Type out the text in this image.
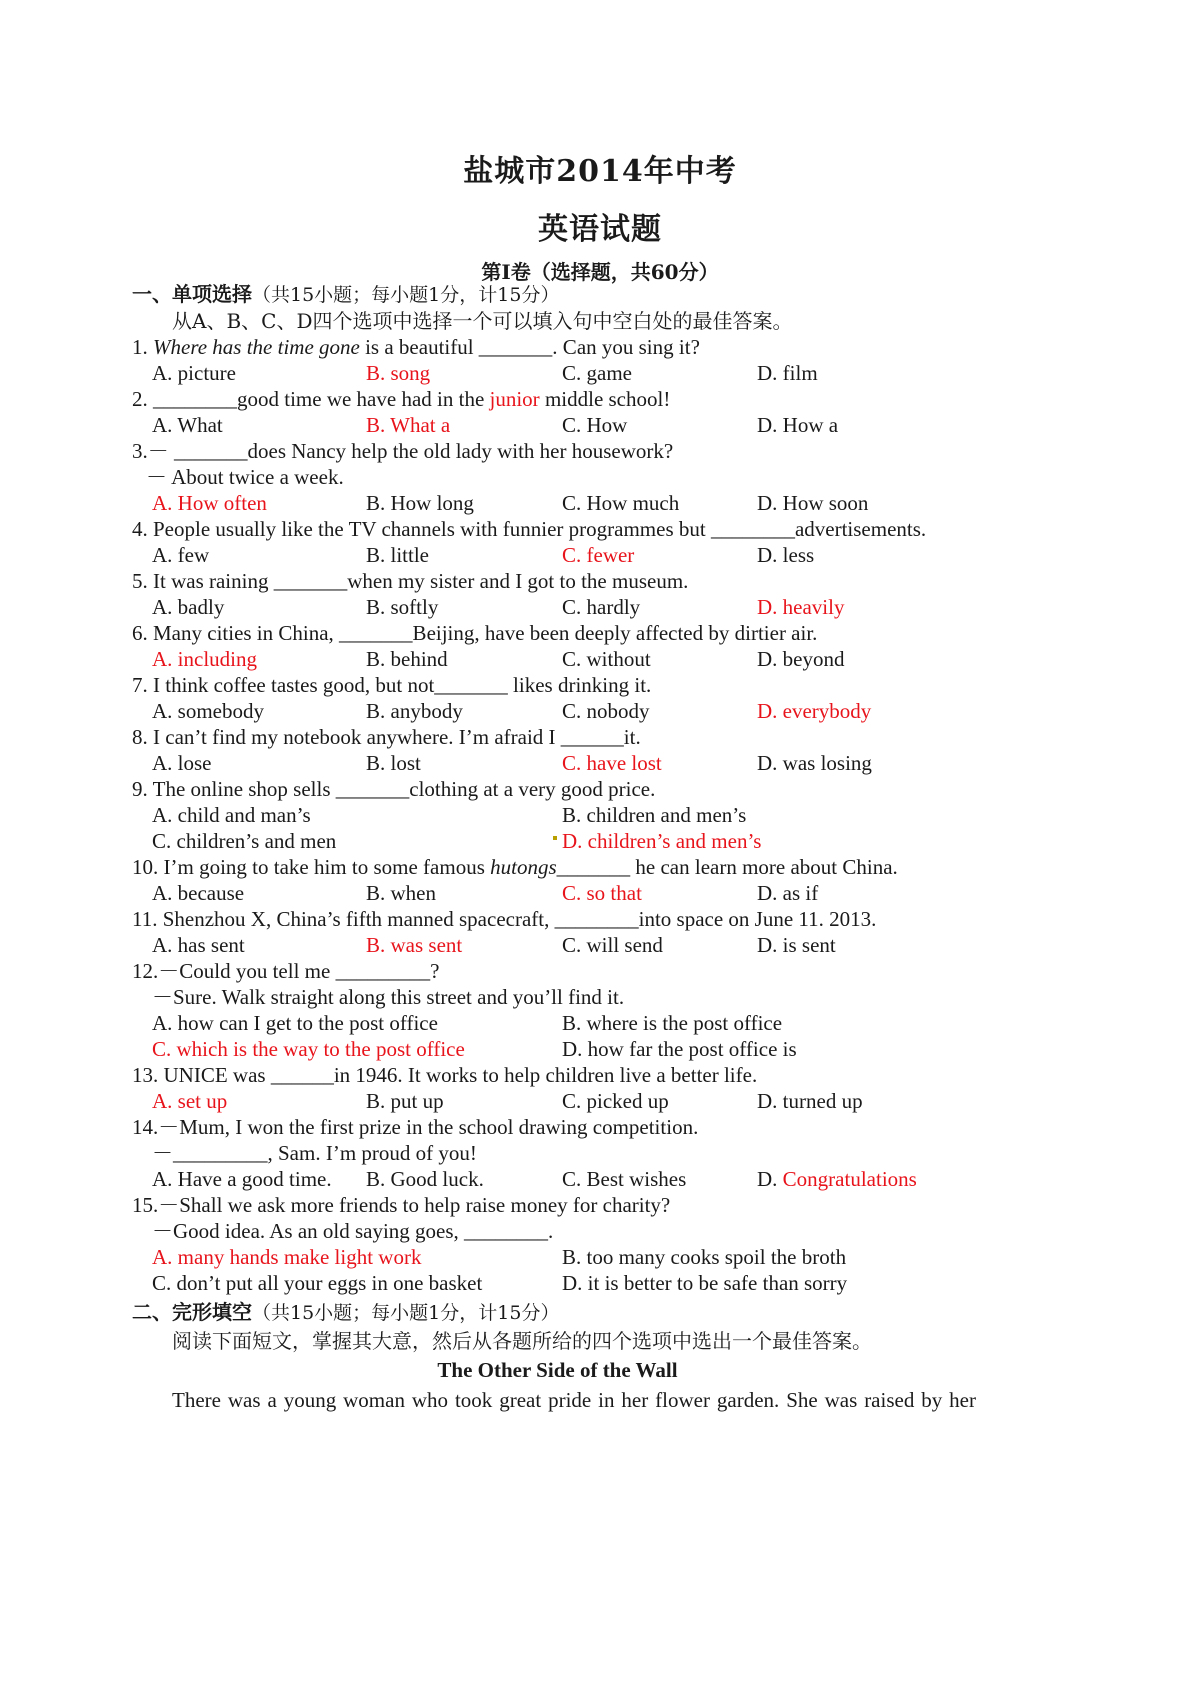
盐城市2014年中考
英语试题
第Ⅰ卷（选择题，共60分）
一、单项选择（共15小题；每小题1分，计15分）
从A、B、C、D四个选项中选择一个可以填入句中空白处的最佳答案。
1. Where has the time gone is a beautiful _______. Can you sing it?
A. picture	B. song	C. game	D. film
2. ________good time we have had in the junior middle school!
A. What	B. What a	C. How	D. How a
3.－ _______does Nancy help the old lady with her housework?
－ About twice a week.
A. How often	B. How long	C. How much	D. How soon
4. People usually like the TV channels with funnier programmes but ________advertisements.
A. few	B. little	C. fewer	D. less
5. It was raining _______when my sister and I got to the museum.
A. badly	B. softly	C. hardly	D. heavily
6. Many cities in China, _______Beijing, have been deeply affected by dirtier air.
A. including	B. behind	C. without	D. beyond
7. I think coffee tastes good, but not_______ likes drinking it.
A. somebody	B. anybody	C. nobody	D. everybody
8. I can’t find my notebook anywhere. I’m afraid I ______it.
A. lose	B. lost	C. have lost	D. was losing
9. The online shop sells _______clothing at a very good price.
A. child and man’s	B. children and men’s
C. children’s and men	D. children’s and men’s
10. I’m going to take him to some famous hutongs_______ he can learn more about China.
A. because	B. when	C. so that	D. as if
11. Shenzhou X, China’s fifth manned spacecraft, ________into space on June 11. 2013.
A. has sent	B. was sent	C. will send	D. is sent
12.－Could you tell me _________?
－Sure. Walk straight along this street and you’ll find it.
A. how can I get to the post office	B. where is the post office
C. which is the way to the post office	D. how far the post office is
13. UNICE was ______in 1946. It works to help children live a better life.
A. set up	B. put up	C. picked up	D. turned up
14.－Mum, I won the first prize in the school drawing competition.
－_________, Sam. I’m proud of you!
A. Have a good time. B. Good luck.	C. Best wishes	D. Congratulations
15.－Shall we ask more friends to help raise money for charity?
－Good idea. As an old saying goes, ________.
A. many hands make light work	B. too many cooks spoil the broth
C. don’t put all your eggs in one basket	D. it is better to be safe than sorry
二、完形填空（共15小题；每小题1分，计15分）
阅读下面短文，掌握其大意，然后从各题所给的四个选项中选出一个最佳答案。
The Other Side of the Wall
There was a young woman who took great pride in her flower garden. She was raised by her
